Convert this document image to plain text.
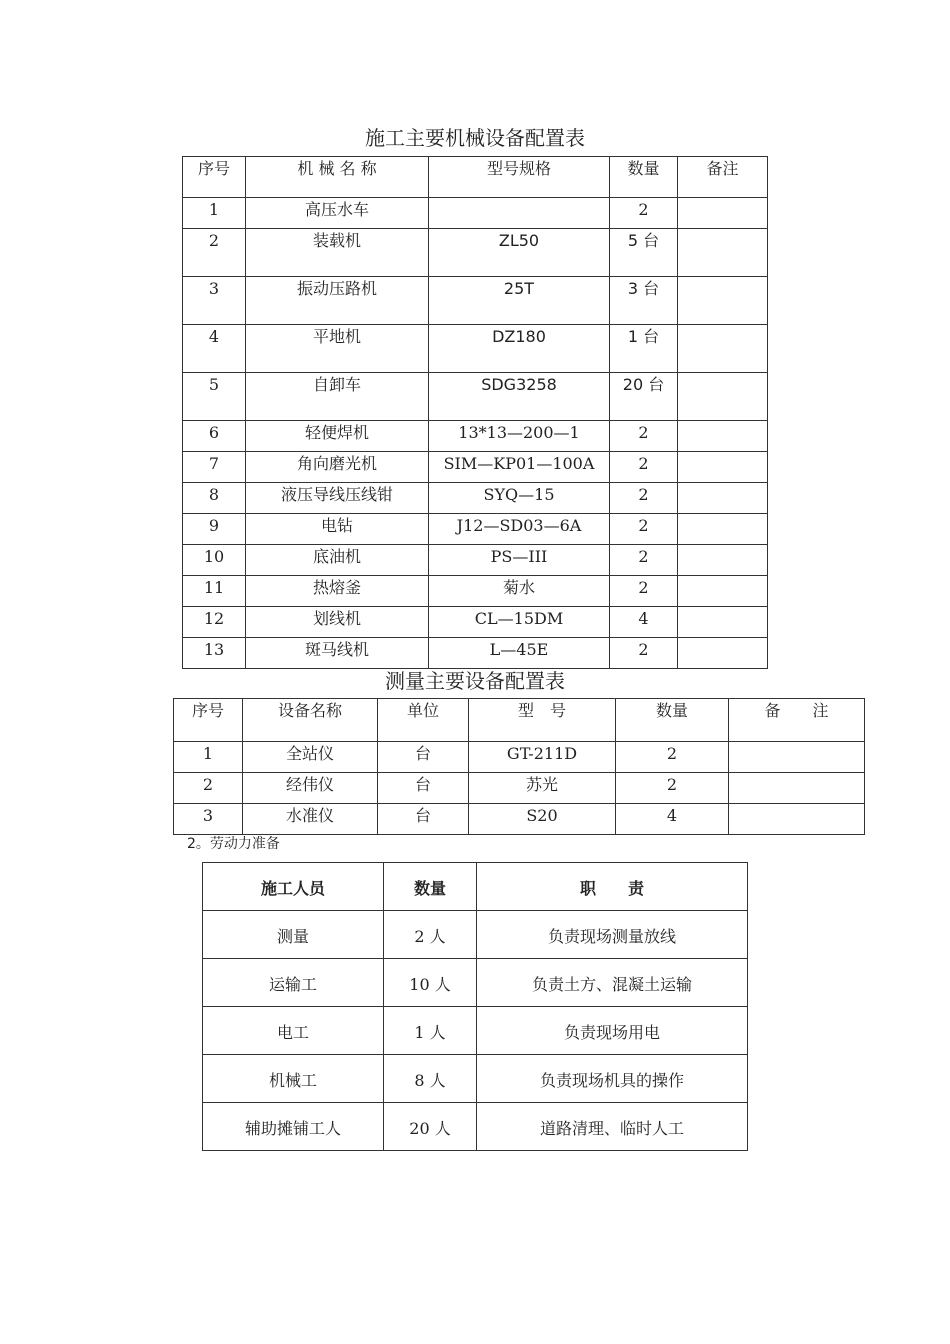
施工主要机械设备配置表
序号	机 械 名 称	型号规格	数量	备注

1	高压水车		2	

2	装载机	ZL50	5 台	

3	振动压路机	25T	3 台	

4	平地机	DZ180	1 台	

5	自卸车	SDG3258	20 台	

6	轻便焊机	13*13—200—1	2	

7	角向磨光机	SIM—KP01—100A	2	

8	液压导线压线钳	SYQ—15	2	

9	电钻	J12—SD03—6A	2	

10	底油机	PS—III	2	

11	热熔釜	菊水	2	

12	划线机	CL—15DM	4	

13	斑马线机	L—45E	2	

测量主要设备配置表
序号	设备名称	单位	型　号	数量	备　　注

1	全站仪	台	GT-211D	2	

2	经伟仪	台	苏光	2	

3	水准仪	台	S20	4	

2。劳动力准备
施工人员	数量	职　　责

测量	2 人	负责现场测量放线

运输工	10 人	负责土方、混凝土运输

电工	1 人	负责现场用电

机械工	8 人	负责现场机具的操作

辅助摊铺工人	20 人	道路清理、临时人工
